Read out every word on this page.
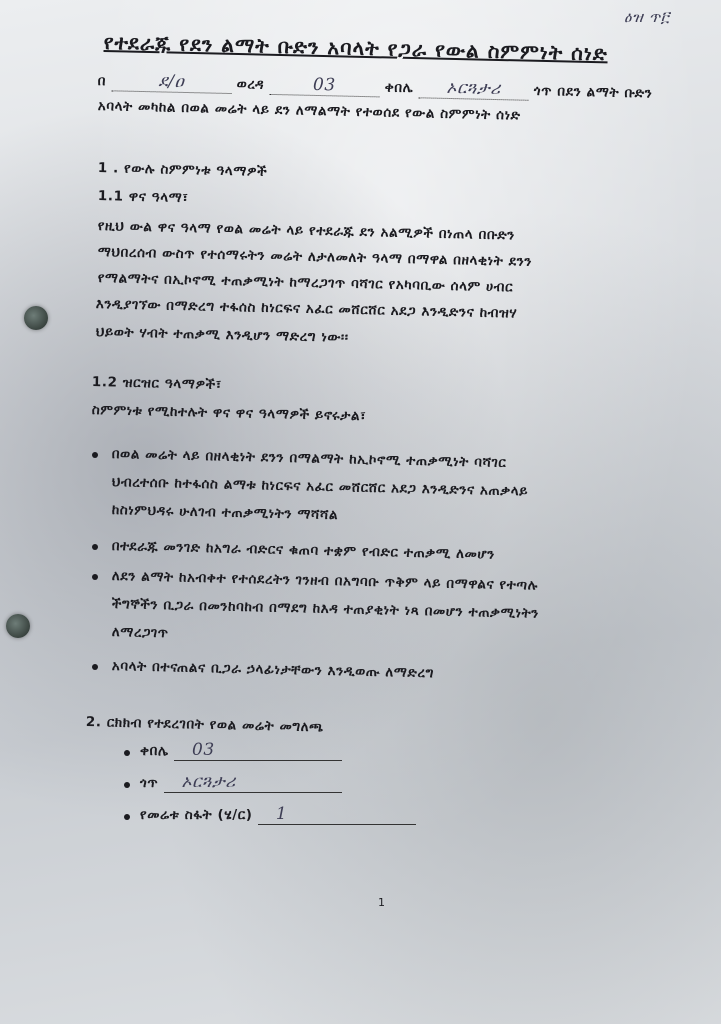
ዕዝ ጥ፫
የተደራጁ የደን ልማት ቡድን አባላት የጋራ የውል ስምምነት ሰነድ
በ	ደ/ዐ	ወረዳ	03	ቀበሌ ኦርጓታሪ ጎጥ በደን ልማት ቡድን
አባላት መካከል በወል መሬት ላይ ደን ለማልማት የተወሰደ የውል ስምምነት ሰነድ
1 . የውሉ ስምምነቱ ዓላማዎች
1.1 ዋና ዓላማ፣
የዚህ ውል ዋና ዓላማ የወል መሬት ላይ የተደራጁ ደን አልሚዎች በነጠላ በቡድን
ማህበረሰብ ውስጥ የተሰማሩትን መሬት ለታለመለት ዓላማ በማዋል በዘላቂነት ደንን
የማልማትና በኢኮኖሚ ተጠቃሚነት ከማረጋገጥ ባሻገር የአካባቢው ሰላም ሀብር
እንዲያገኘው በማድረግ ተፋሰስ ከነርፍና አፈር መሸርሸር አደጋ እንዲድንና ከብዝሃ
ህይወት ሃብት ተጠቃሚ እንዲሆን ማድረግ ነው፡፡
1.2 ዝርዝር ዓላማዎች፣
ስምምነቱ የሚከተሉት ዋና ዋና ዓላማዎች ይኖሩታል፣
በወል መሬት ላይ በዘላቂነት ደንን በማልማት ከኢኮኖሚ ተጠቃሚነት ባሻገር
ህብረተሰቡ ከተፋሰስ ልማቱ ከነርፍና አፈር መሸርሸር አደጋ እንዲድንና አጠቃላይ
ከስነምህዳሩ ሁለገብ ተጠቃሚነትን ማሻሻል
በተደራጁ መንገድ ከአግራ ብድርና ቁጠባ ተቋም የብድር ተጠቃሚ ለመሆን
ለደን ልማት ከአብቀተ የተሰደረትን ገንዘብ በአግባቡ ጥቅም ላይ በማዋልና የተጣሉ
ችግኞችን ቢጋራ በመንከባከብ በማደግ ከእዳ ተጠያቂነት ነጻ በመሆን ተጠቃሚነትን
ለማረጋገጥ
አባላት በተናጠልና ቢጋራ ኃላፊነታቸውን እንዲወጡ ለማድረግ
2. ርክክብ የተደረገበት የወል መሬት መግለጫ
ቀበሌ 03
ጎጥ ኦርጓታሪ
የመሬቱ ስፋት (ሄ/ር) 1
1
